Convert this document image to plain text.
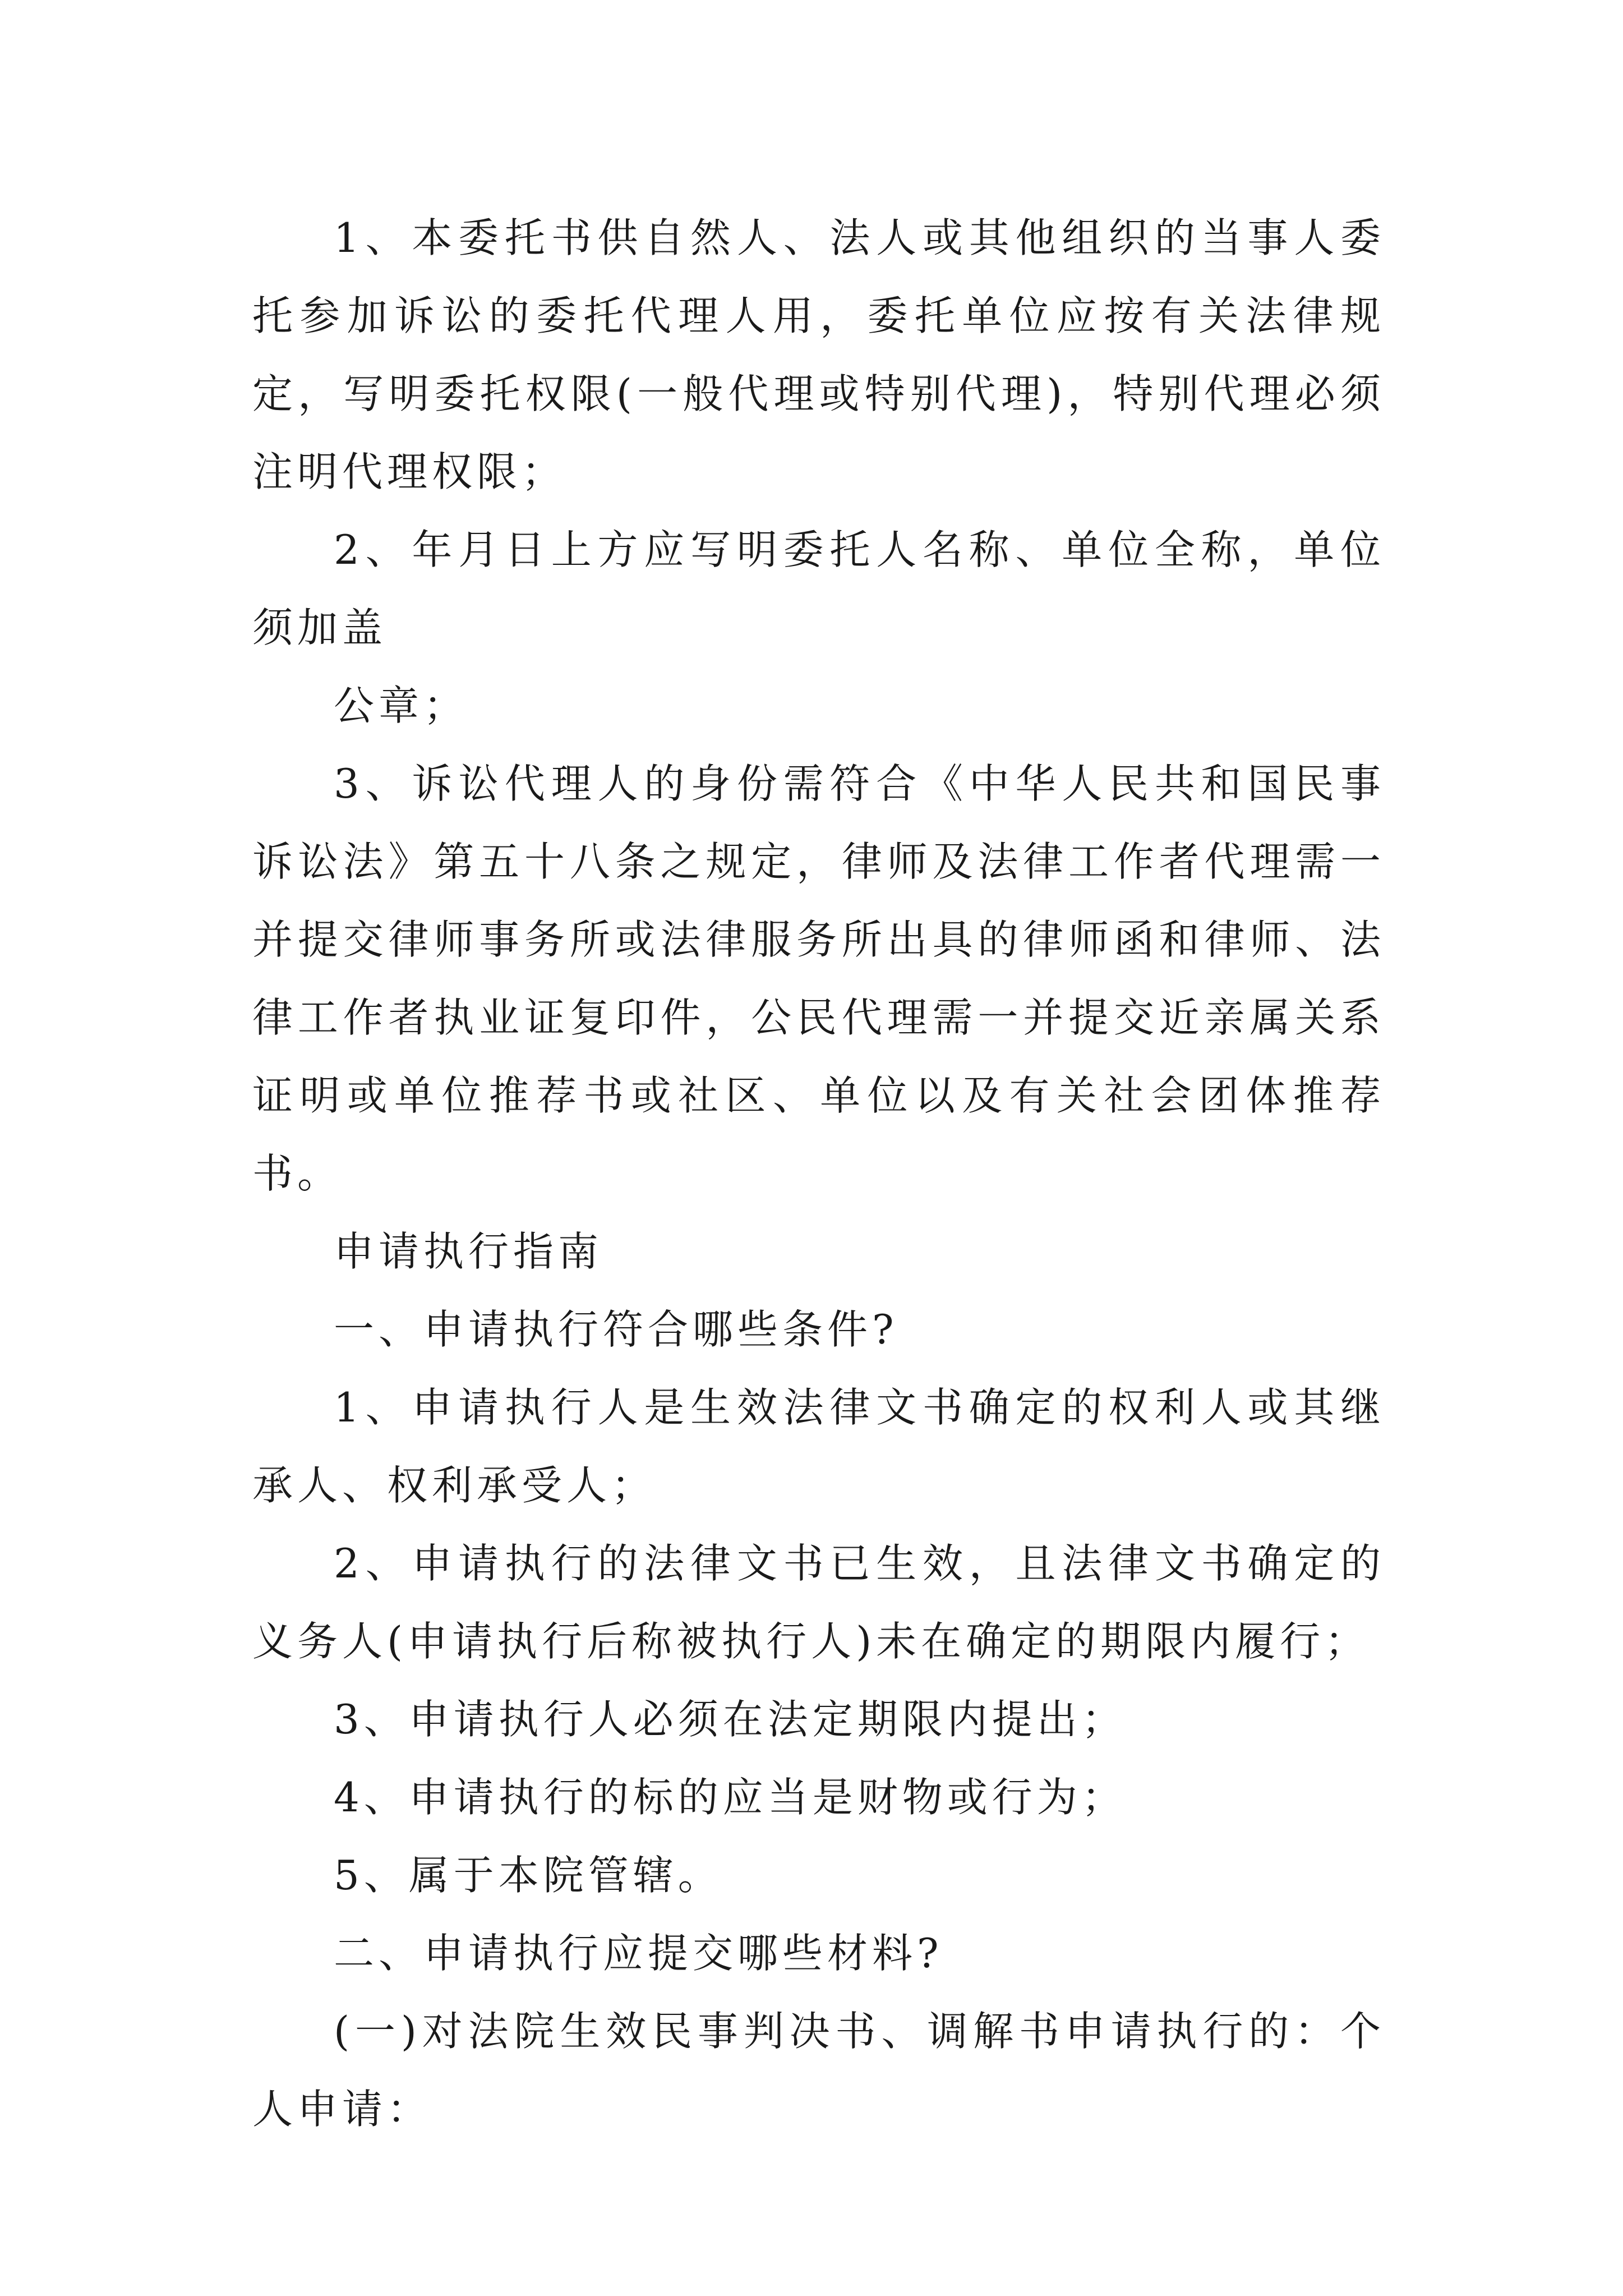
1、本委托书供自然人、法人或其他组织的当事人委托参加诉讼的委托代理人用，委托单位应按有关法律规定，写明委托权限(一般代理或特别代理)，特别代理必须注明代理权限；

2、年月日上方应写明委托人名称、单位全称，单位须加盖

公章；

3、诉讼代理人的身份需符合《中华人民共和国民事诉讼法》第五十八条之规定，律师及法律工作者代理需一并提交律师事务所或法律服务所出具的律师函和律师、法律工作者执业证复印件，公民代理需一并提交近亲属关系证明或单位推荐书或社区、单位以及有关社会团体推荐书。

申请执行指南

一、申请执行符合哪些条件?

1、申请执行人是生效法律文书确定的权利人或其继承人、权利承受人；

2、申请执行的法律文书已生效，且法律文书确定的义务人(申请执行后称被执行人)未在确定的期限内履行；

3、申请执行人必须在法定期限内提出；

4、申请执行的标的应当是财物或行为；

5、属于本院管辖。

二、申请执行应提交哪些材料?

(一)对法院生效民事判决书、调解书申请执行的：个人申请：
